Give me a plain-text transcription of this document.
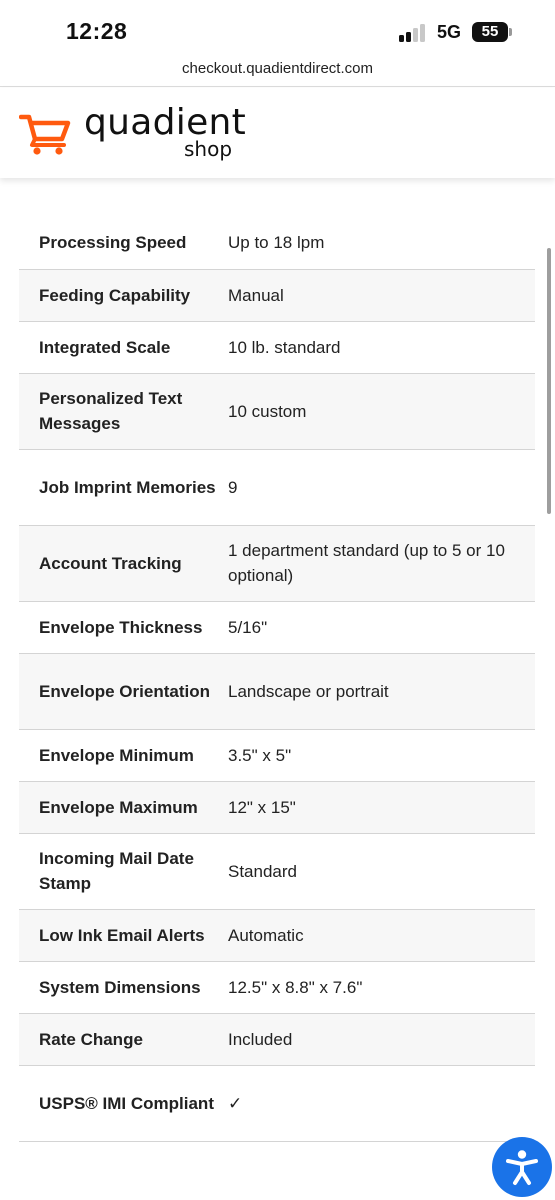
12:28	5G	55
checkout.quadientdirect.com
quadient
shop
Processing Speed	Up to 18 lpm
Feeding Capability	Manual
Integrated Scale	10 lb. standard
Personalized Text Messages	10 custom
Job Imprint Memories	9
Account Tracking	1 department standard (up to 5 or 10 optional)
Envelope Thickness	5/16"
Envelope Orientation	Landscape or portrait
Envelope Minimum	3.5" x 5"
Envelope Maximum	12" x 15"
Incoming Mail Date Stamp	Standard
Low Ink Email Alerts	Automatic
System Dimensions	12.5" x 8.8" x 7.6"
Rate Change	Included
USPS® IMI Compliant	✓
